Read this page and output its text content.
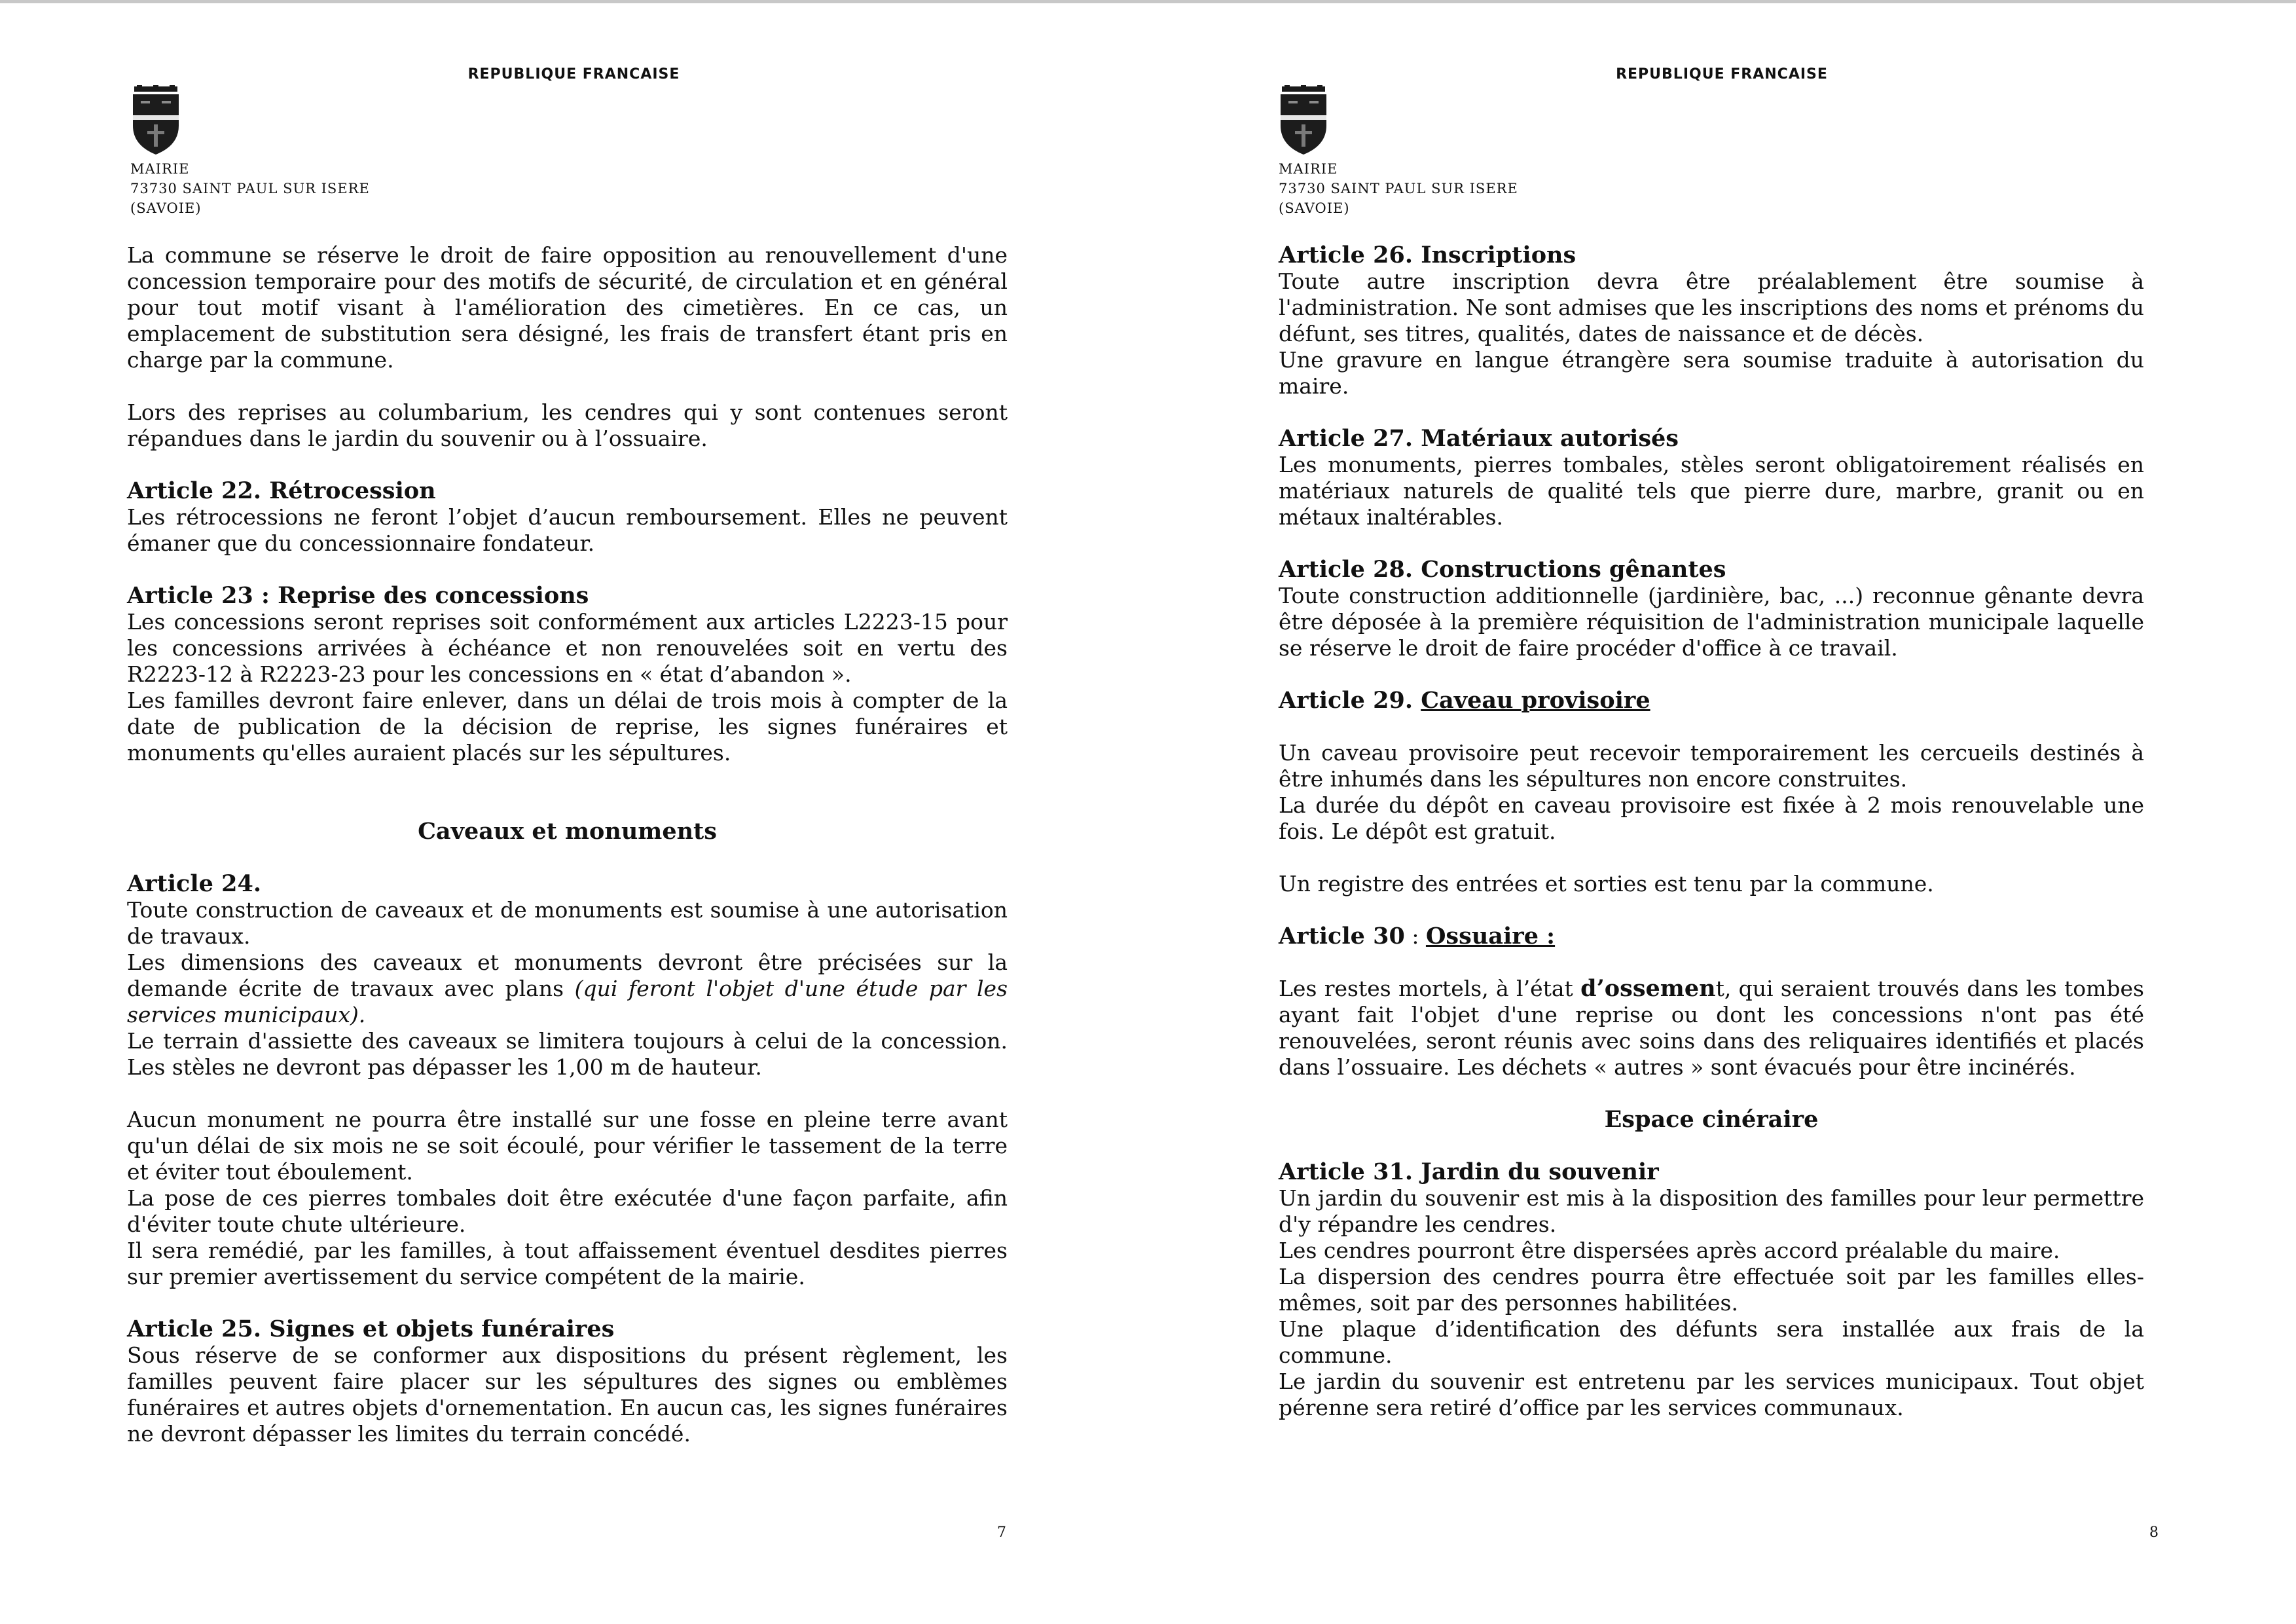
REPUBLIQUE FRANCAISE
MAIRIE
73730 SAINT PAUL SUR ISERE
(SAVOIE)

La commune se réserve le droit de faire opposition au renouvellement d'une concession temporaire pour des motifs de sécurité, de circulation et en général pour tout motif visant à l'amélioration des cimetières. En ce cas, un emplacement de substitution sera désigné, les frais de transfert étant pris en charge par la commune.

Lors des reprises au columbarium, les cendres qui y sont contenues seront répandues dans le jardin du souvenir ou à l’ossuaire.

Article 22. Rétrocession

Les rétrocessions ne feront l’objet d’aucun remboursement. Elles ne peuvent émaner que du concessionnaire fondateur.

Article 23 : Reprise des concessions

Les concessions seront reprises soit conformément aux articles L2223-15 pour les concessions arrivées à échéance et non renouvelées soit en vertu des R2223-12 à R2223-23 pour les concessions en « état d’abandon ».

Les familles devront faire enlever, dans un délai de trois mois à compter de la date de publication de la décision de reprise, les signes funéraires et monuments qu'elles auraient placés sur les sépultures.

Caveaux et monuments

Article 24.

Toute construction de caveaux et de monuments est soumise à une autorisation de travaux.

Les dimensions des caveaux et monuments devront être précisées sur la demande écrite de travaux avec plans (qui feront l'objet d'une étude par les services municipaux).

Le terrain d'assiette des caveaux se limitera toujours à celui de la concession. Les stèles ne devront pas dépasser les 1,00 m de hauteur.

Aucun monument ne pourra être installé sur une fosse en pleine terre avant qu'un délai de six mois ne se soit écoulé, pour vérifier le tassement de la terre et éviter tout éboulement.

La pose de ces pierres tombales doit être exécutée d'une façon parfaite, afin d'éviter toute chute ultérieure.

Il sera remédié, par les familles, à tout affaissement éventuel desdites pierres sur premier avertissement du service compétent de la mairie.

Article 25. Signes et objets funéraires

Sous réserve de se conformer aux dispositions du présent règlement, les familles peuvent faire placer sur les sépultures des signes ou emblèmes funéraires et autres objets d'ornementation. En aucun cas, les signes funéraires ne devront dépasser les limites du terrain concédé.

7
REPUBLIQUE FRANCAISE
MAIRIE
73730 SAINT PAUL SUR ISERE
(SAVOIE)

Article 26. Inscriptions

Toute autre inscription devra être préalablement être soumise à l'administration. Ne sont admises que les inscriptions des noms et prénoms du défunt, ses titres, qualités, dates de naissance et de décès.

Une gravure en langue étrangère sera soumise traduite à autorisation du maire.

Article 27. Matériaux autorisés

Les monuments, pierres tombales, stèles seront obligatoirement réalisés en matériaux naturels de qualité tels que pierre dure, marbre, granit ou en métaux inaltérables.

Article 28. Constructions gênantes

Toute construction additionnelle (jardinière, bac, ...) reconnue gênante devra être déposée à la première réquisition de l'administration municipale laquelle se réserve le droit de faire procéder d'office à ce travail.

Article 29. Caveau provisoire

Un caveau provisoire peut recevoir temporairement les cercueils destinés à être inhumés dans les sépultures non encore construites.

La durée du dépôt en caveau provisoire est fixée à 2 mois renouvelable une fois. Le dépôt est gratuit.

Un registre des entrées et sorties est tenu par la commune.

Article 30 : Ossuaire :

Les restes mortels, à l’état d’ossement, qui seraient trouvés dans les tombes ayant fait l'objet d'une reprise ou dont les concessions n'ont pas été renouvelées, seront réunis avec soins dans des reliquaires identifiés et placés dans l’ossuaire. Les déchets « autres » sont évacués pour être incinérés.

Espace cinéraire

Article 31. Jardin du souvenir

Un jardin du souvenir est mis à la disposition des familles pour leur permettre d'y répandre les cendres.

Les cendres pourront être dispersées après accord préalable du maire.

La dispersion des cendres pourra être effectuée soit par les familles elles-mêmes, soit par des personnes habilitées.

Une plaque d’identification des défunts sera installée aux frais de la commune.

Le jardin du souvenir est entretenu par les services municipaux. Tout objet pérenne sera retiré d’office par les services communaux.

8
